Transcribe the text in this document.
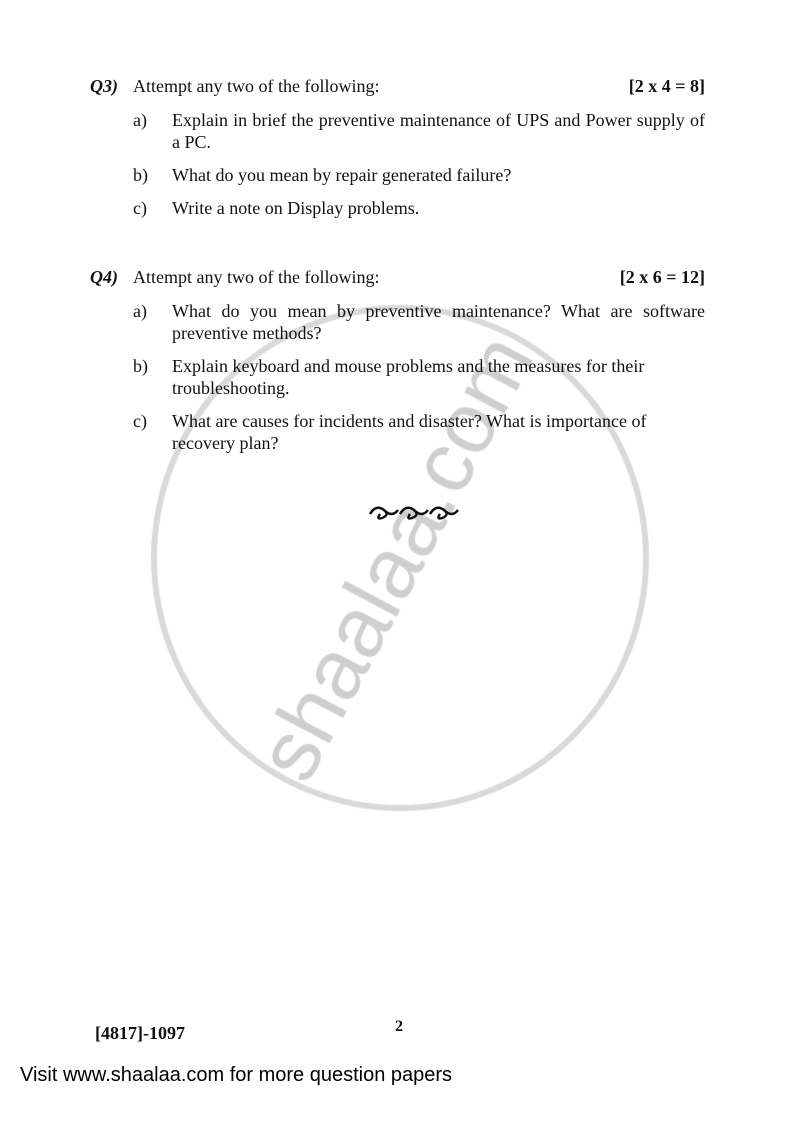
Q3) Attempt any two of the following:	[2 x 4 = 8]
a)	Explain in brief the preventive maintenance of UPS and Power supply of a PC.
b)	What do you mean by repair generated failure?
c)	Write a note on Display problems.
Q4) Attempt any two of the following:	[2 x 6 = 12]
a)	What do you mean by preventive maintenance? What are software preventive methods?
b)	Explain keyboard and mouse problems and the measures for their troubleshooting.
c)	What are causes for incidents and disaster? What is importance of recovery plan?
[4817]-1097	2
Visit www.shaalaa.com for more question papers
